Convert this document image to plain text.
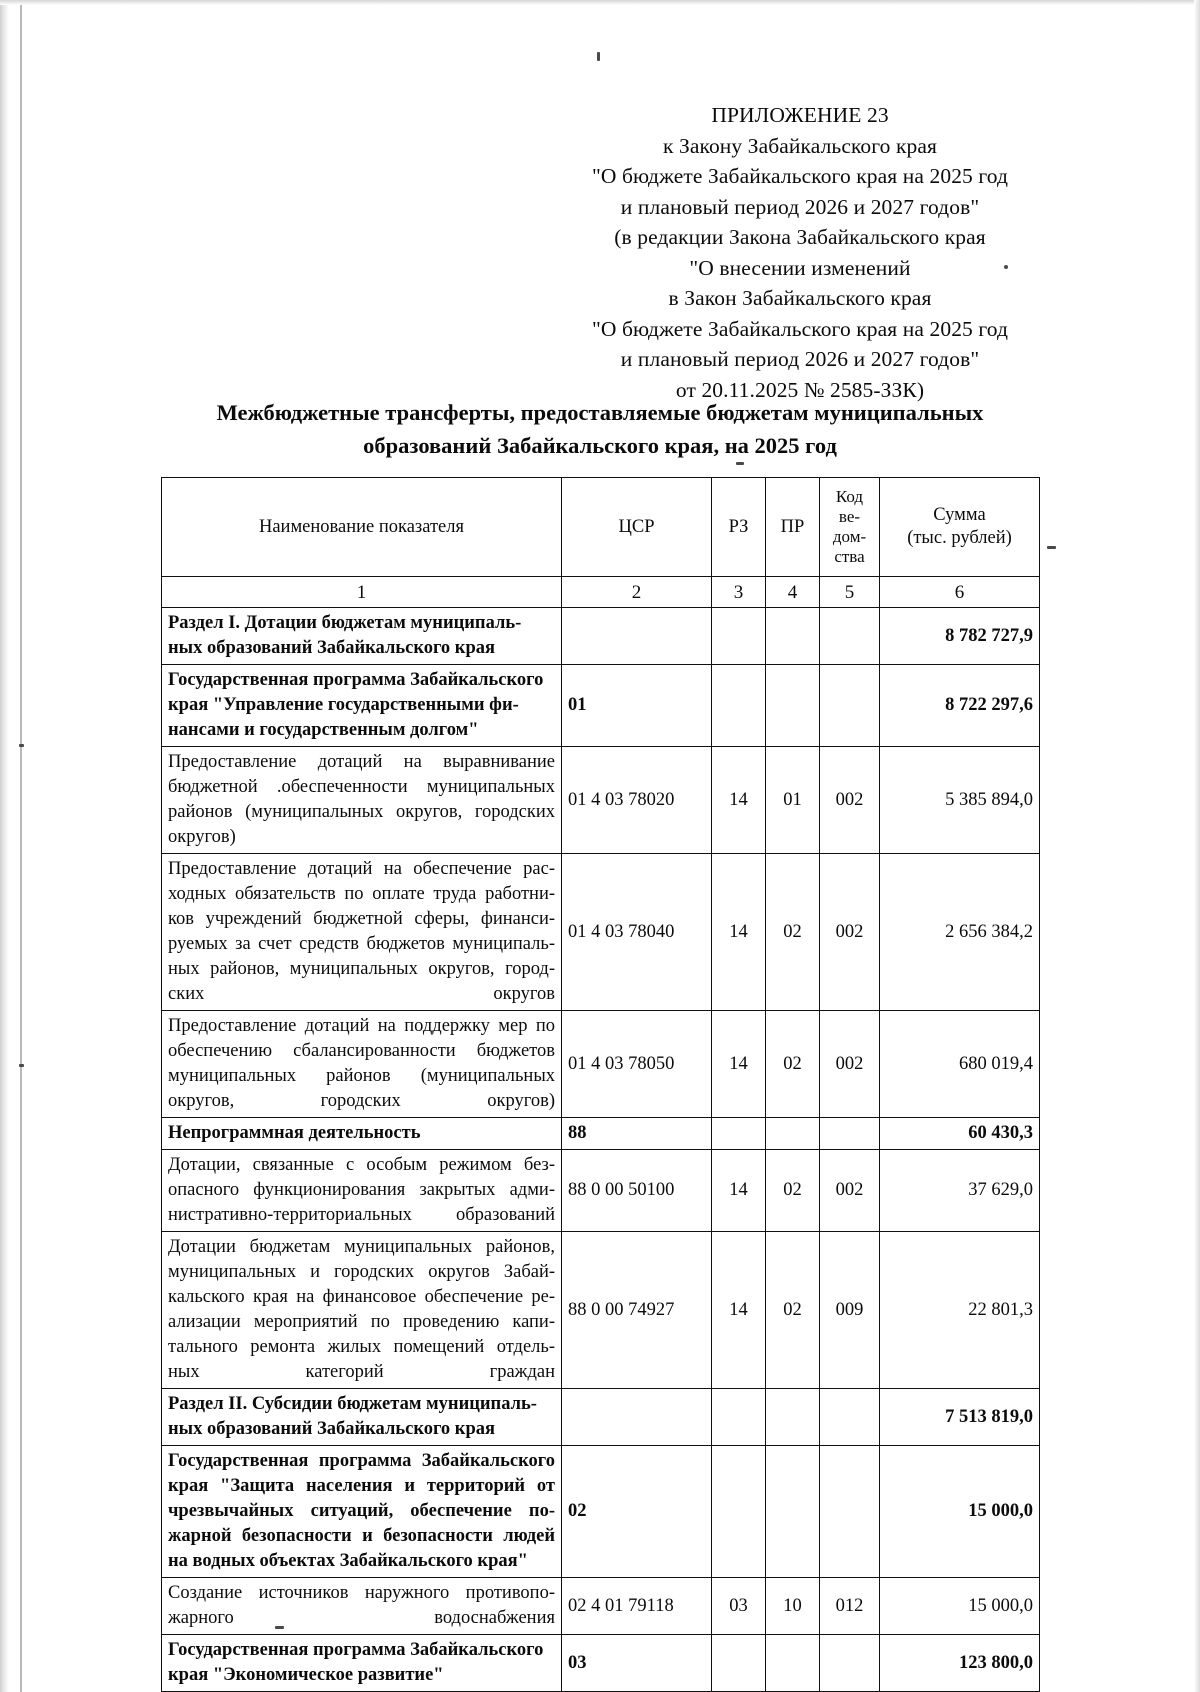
ПРИЛОЖЕНИЕ 23
к Закону Забайкальского края
"О бюджете Забайкальского края на 2025 год
и плановый период 2026 и 2027 годов"
(в редакции Закона Забайкальского края
"О внесении изменений
в Закон Забайкальского края
"О бюджете Забайкальского края на 2025 год
и плановый период 2026 и 2027 годов"
от 20.11.2025 № 2585-ЗЗК)
Межбюджетные трансферты, предоставляемые бюджетам муниципальных
образований Забайкальского края, на 2025 год
Наименование показателя	ЦСР	РЗ	ПР	Код
ве-
дом-
ства	Сумма
(тыс. рублей)
1	2	3	4	5	6
Раздел I. Дотации бюджетам муниципаль-
ных образований Забайкальского края					8 782 727,9
Государственная программа Забайкальского
края "Управление государственными фи-
нансами и государственным долгом"	01				8 722 297,6
Предоставление дотаций на выравнивание бюджетной .обеспеченности муниципальных районов (муниципалыных округов, городских округов)	01 4 03 78020	14	01	002	5 385 894,0
Предоставление дотаций на обеспечение рас-ходных обязательств по оплате труда работни-ков учреждений бюджетной сферы, финанси-руемых за счет средств бюджетов муниципаль-ных районов, муниципальных округов, город-ских округов	01 4 03 78040	14	02	002	2 656 384,2
Предоставление дотаций на поддержку мер по обеспечению сбалансированности бюджетов муниципальных районов (муниципальных округов, городских округов)	01 4 03 78050	14	02	002	680 019,4
Непрограммная деятельность	88				60 430,3
Дотации, связанные с особым режимом без-опасного функционирования закрытых адми-нистративно-территориальных образований	88 0 00 50100	14	02	002	37 629,0
Дотации бюджетам муниципальных районов, муниципальных и городских округов Забай-кальского края на финансовое обеспечение ре-ализации мероприятий по проведению капи-тального ремонта жилых помещений отдель-ных категорий граждан	88 0 00 74927	14	02	009	22 801,3
Раздел II. Субсидии бюджетам муниципаль-
ных образований Забайкальского края					7 513 819,0
Государственная программа Забайкальского края "Защита населения и территорий от чрезвычайных ситуаций, обеспечение по-жарной безопасности и безопасности людей на водных объектах Забайкальского края"	02				15 000,0
Создание источников наружного противопо-жарного водоснабжения	02 4 01 79118	03	10	012	15 000,0
Государственная программа Забайкальского
края "Экономическое развитие"	03				123 800,0
